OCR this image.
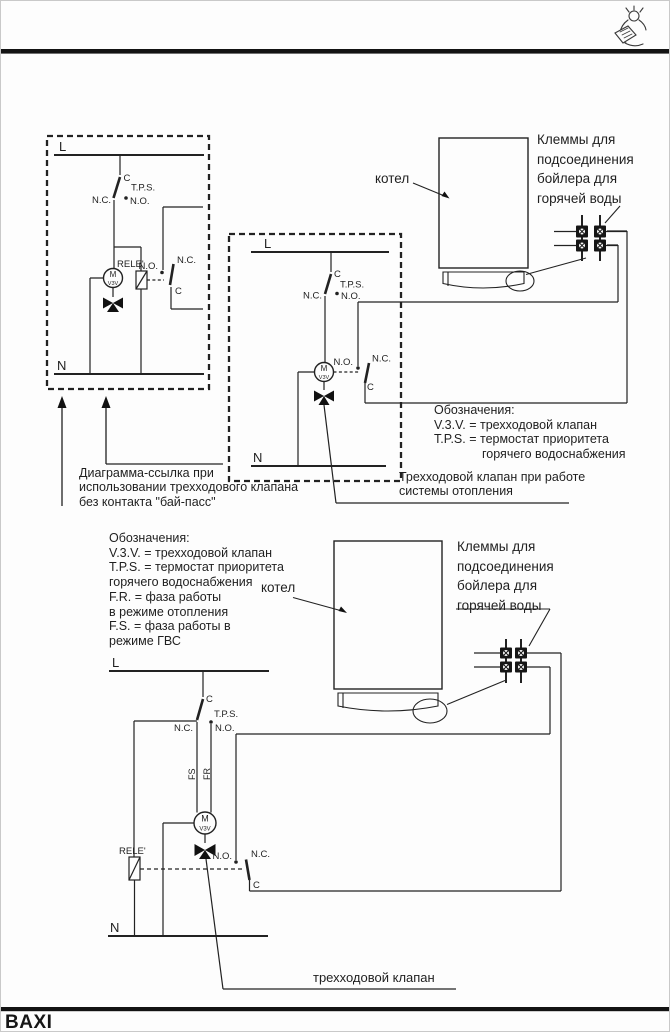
L
N
C
T.P.S.
N.C. N.O.
RELE'
N.O.
N.C.
C
M
V3V
L
N
C
T.P.S.
N.C. N.O.
N.O. N.C.
C
M
V3V
котел
котел
L
N
C
T.P.S.
N.C. N.O.
FS FR
RELE'	N.O. N.C.
C
M
V3V
Клеммы для
подсоединения
бойлера для
горячей воды
Обозначения:
V.3.V. = трехходовой клапан
T.P.S. = термостат приоритета
горячего водоснабжения
Трехходовой клапан при работе
системы отопления
Диаграмма-ссылка при
использовании трехходового клапана
без контакта "бай-пасс"
Обозначения:
V.3.V. = трехходовой клапан
T.P.S. = термостат приоритета
горячего водоснабжения
F.R. = фаза работы
в режиме отопления
F.S. = фаза работы в
режиме ГВС
Клеммы для
подсоединения
бойлера для
горячей воды
трехходовой клапан
BAXI
